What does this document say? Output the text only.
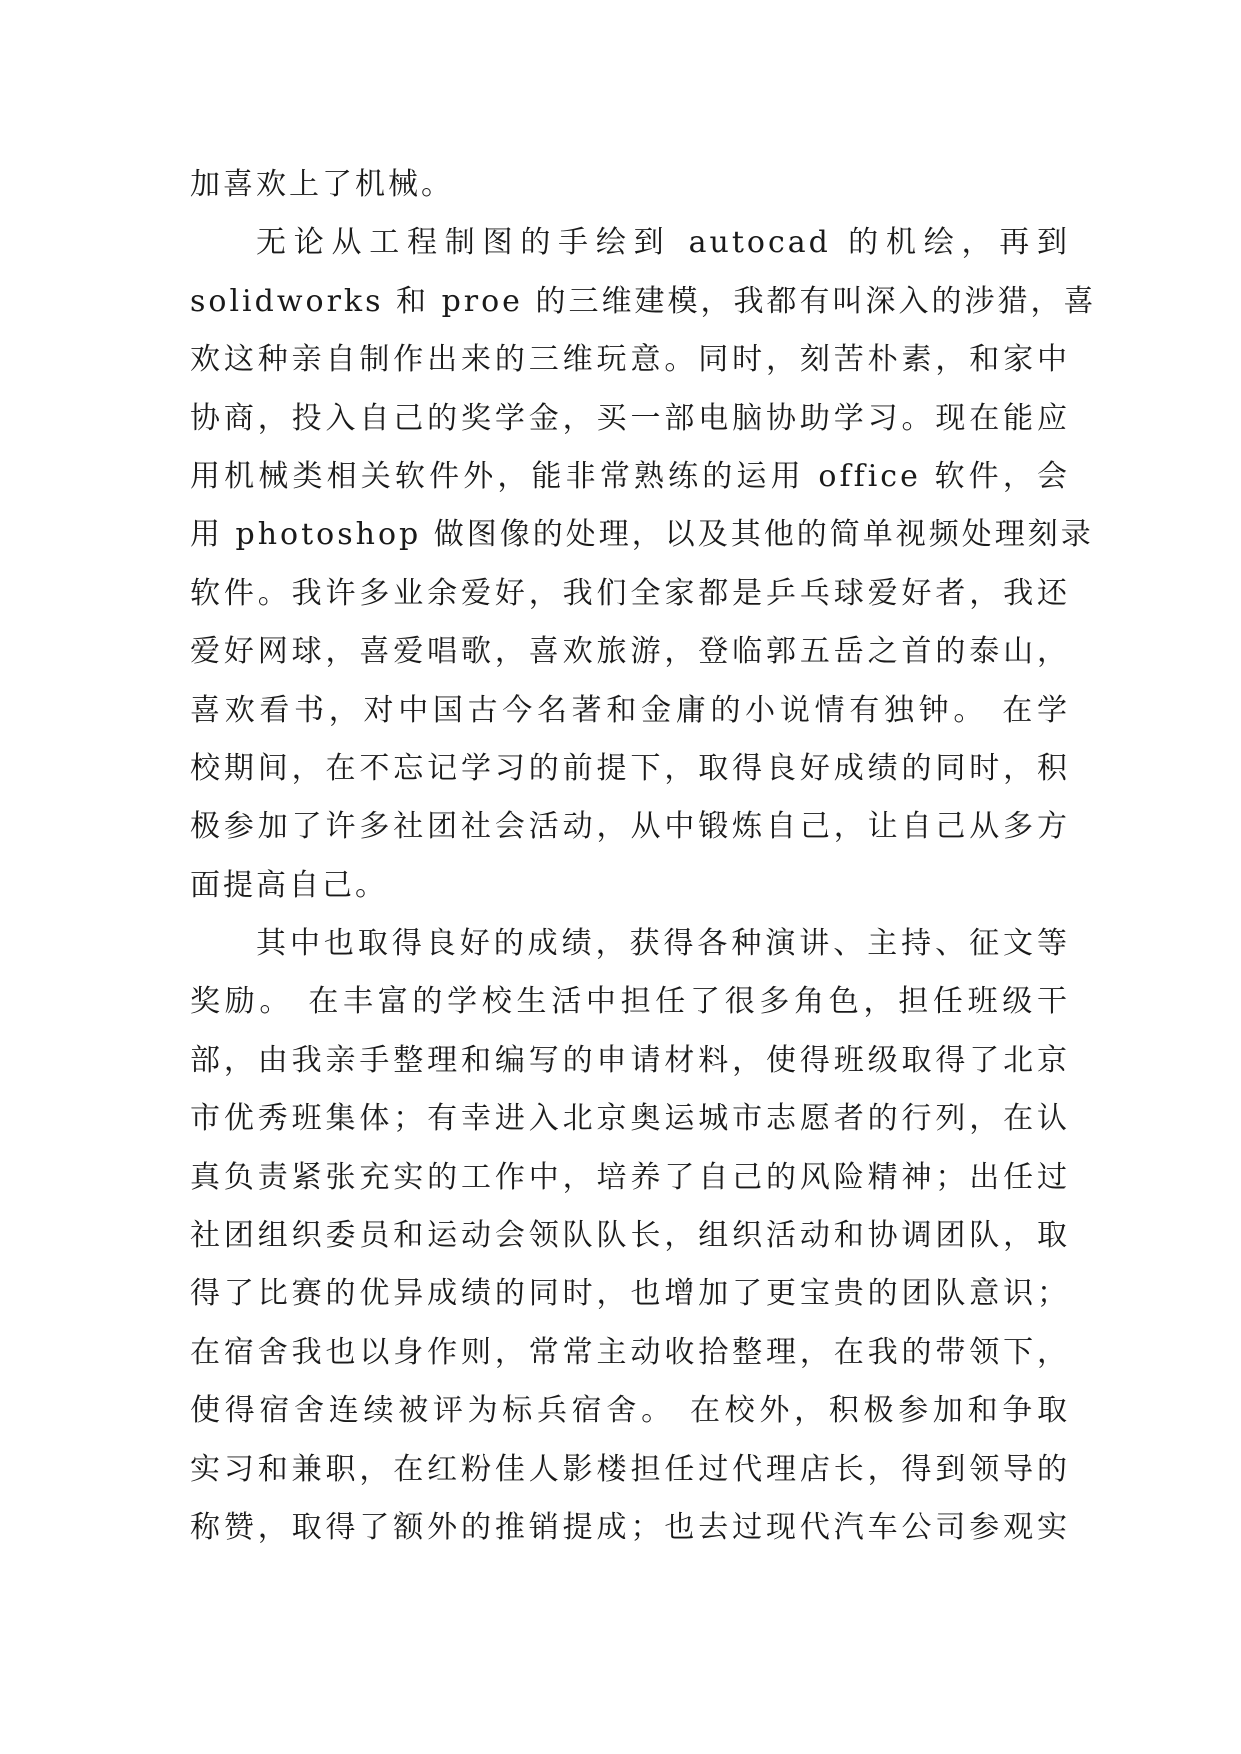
加喜欢上了机械。
无论从工程制图的手绘到 autocad 的机绘，再到
solidworks 和 proe 的三维建模，我都有叫深入的涉猎，喜
欢这种亲自制作出来的三维玩意。同时，刻苦朴素，和家中
协商，投入自己的奖学金，买一部电脑协助学习。现在能应
用机械类相关软件外，能非常熟练的运用 office 软件，会
用 photoshop 做图像的处理，以及其他的简单视频处理刻录
软件。我许多业余爱好，我们全家都是乒乓球爱好者，我还
爱好网球，喜爱唱歌，喜欢旅游，登临郭五岳之首的泰山，
喜欢看书，对中国古今名著和金庸的小说情有独钟。 在学
校期间，在不忘记学习的前提下，取得良好成绩的同时，积
极参加了许多社团社会活动，从中锻炼自己，让自己从多方
面提高自己。
其中也取得良好的成绩，获得各种演讲、主持、征文等
奖励。 在丰富的学校生活中担任了很多角色，担任班级干
部，由我亲手整理和编写的申请材料，使得班级取得了北京
市优秀班集体；有幸进入北京奥运城市志愿者的行列，在认
真负责紧张充实的工作中，培养了自己的风险精神；出任过
社团组织委员和运动会领队队长，组织活动和协调团队，取
得了比赛的优异成绩的同时，也增加了更宝贵的团队意识；
在宿舍我也以身作则，常常主动收拾整理，在我的带领下，
使得宿舍连续被评为标兵宿舍。 在校外，积极参加和争取
实习和兼职，在红粉佳人影楼担任过代理店长，得到领导的
称赞，取得了额外的推销提成；也去过现代汽车公司参观实
